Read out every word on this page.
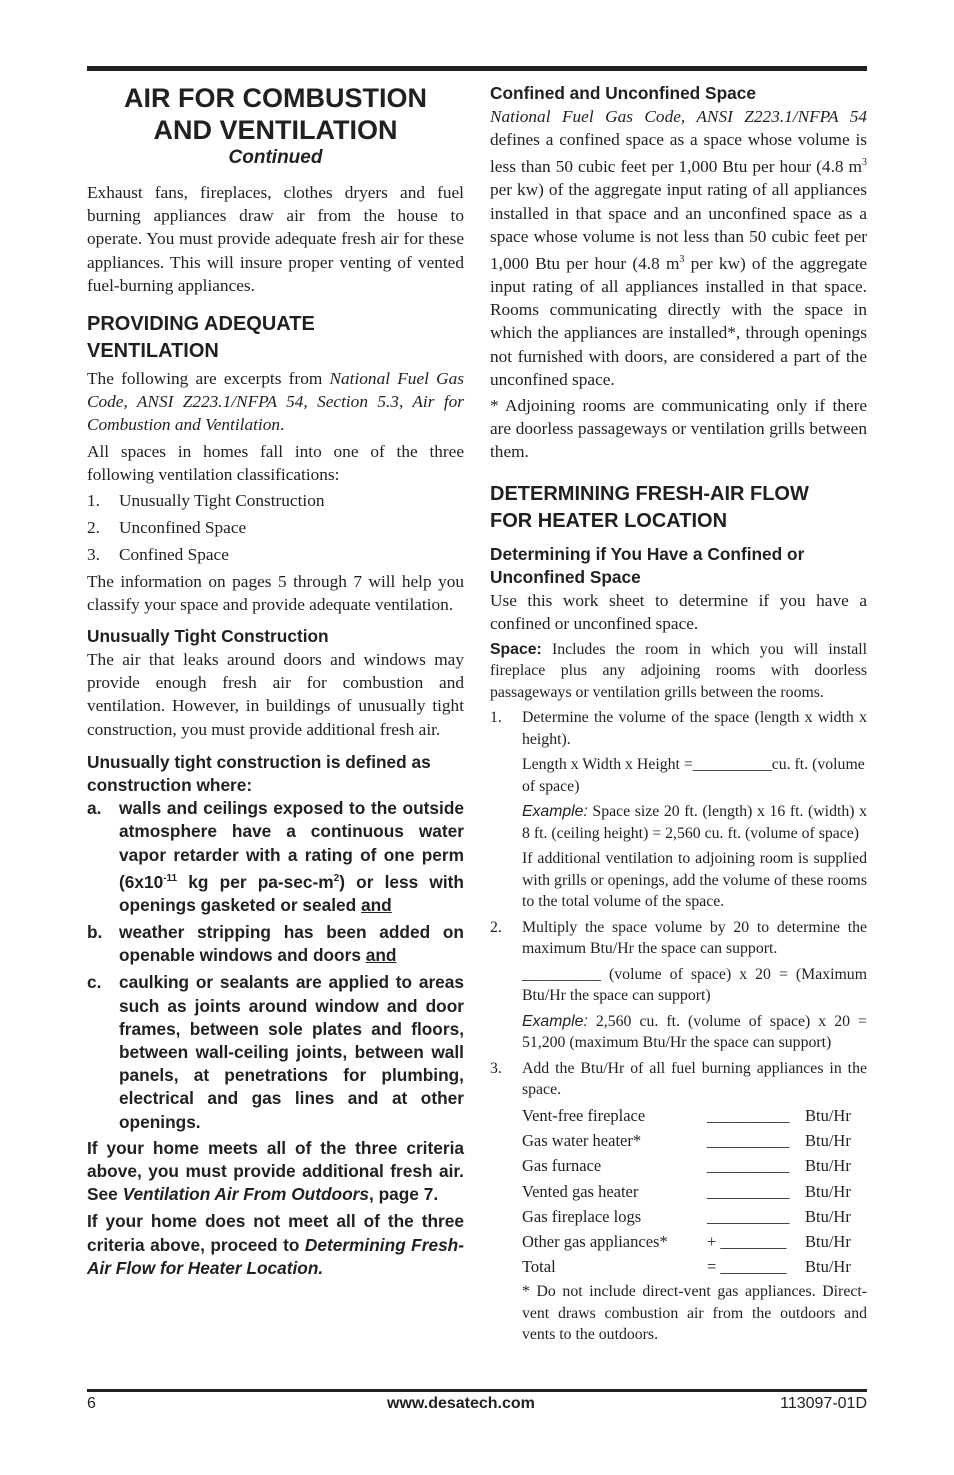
AIR FOR COMBUSTION
AND VENTILATION

Continued

Exhaust fans, fireplaces, clothes dryers and fuel burning appliances draw air from the house to operate. You must provide adequate fresh air for these appliances. This will insure proper venting of vented fuel-burning appliances.

PROVIDING ADEQUATE
VENTILATION

The following are excerpts from National Fuel Gas Code, ANSI Z223.1/NFPA 54, Section 5.3, Air for Combustion and Ventilation.

All spaces in homes fall into one of the three following ventilation classifications:

1.	Unusually Tight Construction
2.	Unconfined Space
3.	Confined Space

The information on pages 5 through 7 will help you classify your space and provide adequate ventilation.

Unusually Tight Construction

The air that leaks around doors and windows may provide enough fresh air for combustion and ventilation. However, in buildings of unusually tight construction, you must provide additional fresh air.

Unusually tight construction is defined as construction where:

a.	walls and ceilings exposed to the outside atmosphere have a continuous water vapor retarder with a rating of one perm ($6x10^{-11}$ kg per $pa-\sec-m^2$) or less with openings gasketed or sealed and
b. weather stripping has been added on openable windows and doors and
c.	caulking or sealants are applied to areas such as joints around window and door frames, between sole plates and floors, between wall-ceiling joints, between wall panels, at penetrations for plumbing, electrical and gas lines and at other openings.

If your home meets all of the three criteria above, you must provide additional fresh air. See Ventilation Air From Outdoors, page 7.

If your home does not meet all of the three criteria above, proceed to Determining Fresh-Air Flow for Heater Location.

Confined and Unconfined Space

National Fuel Gas Code, ANSI Z223.1/NFPA 54 defines a confined space as a space whose volume is less than 50 cubic feet per 1,000 Btu per hour (4.8 $m^3$ per kw) of the aggregate input rating of all appliances installed in that space and an unconfined space as a space whose volume is not less than 50 cubic feet per 1,000 Btu per hour (4.8 $m^3$ per kw) of the aggregate input rating of all appliances installed in that space. Rooms communicating directly with the space in which the appliances are installed*, through openings not furnished with doors, are considered a part of the unconfined space.

* Adjoining rooms are communicating only if there are doorless passageways or ventilation grills between them.

DETERMINING FRESH-AIR FLOW
FOR HEATER LOCATION
Determining if You Have a Confined or Unconfined Space

Use this work sheet to determine if you have a confined or unconfined space.

Space: Includes the room in which you will install fireplace plus any adjoining rooms with doorless passageways or ventilation grills between the rooms.

1.	Determine the volume of the space (length x width x height).

Length x Width x Height =__________cu. ft. (volume of space)

Example: Space size 20 ft. (length) x 16 ft. (width) x 8 ft. (ceiling height) = 2,560 cu. ft. (volume of space)

If additional ventilation to adjoining room is supplied with grills or openings, add the volume of these rooms to the total volume of the space.

2.	Multiply the space volume by 20 to determine the maximum Btu/Hr the space can support.

__________ (volume of space) x 20 = (Maximum Btu/Hr the space can support)

Example: 2,560 cu. ft. (volume of space) x 20 = 51,200 (maximum Btu/Hr the space can support)

3.	Add the Btu/Hr of all fuel burning appliances in the space.
Vent-free fireplace	__________ Btu/Hr
Gas water heater*	__________ Btu/Hr
Gas furnace	__________ Btu/Hr
Vented gas heater	__________ Btu/Hr
Gas fireplace logs	__________ Btu/Hr
Other gas appliances*	+ ________	Btu/Hr
Total	= ________	Btu/Hr

* Do not include direct-vent gas appliances. Direct-vent draws combustion air from the outdoors and vents to the outdoors.

6	www.desatech.com	113097-01D
